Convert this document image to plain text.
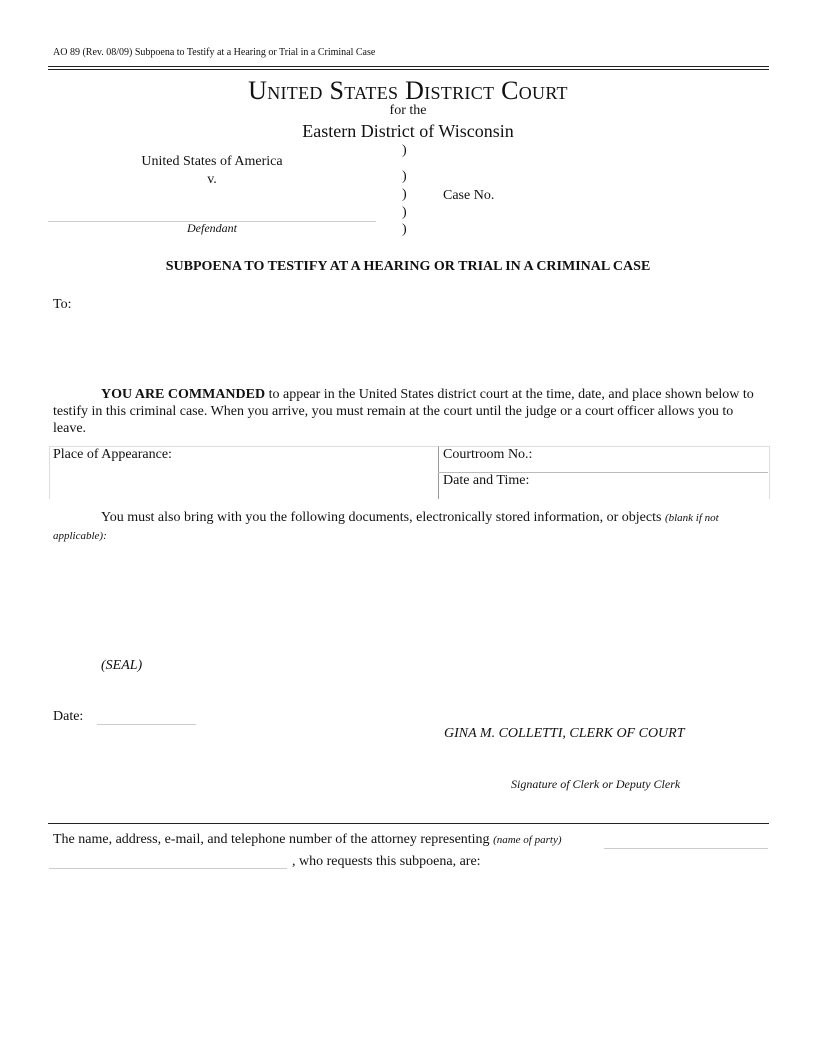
AO 89 (Rev. 08/09) Subpoena to Testify at a Hearing or Trial in a Criminal Case
United States District Court
for the
Eastern District of Wisconsin
United States of America
v.
Defendant
)
)
)
)
)
Case No.
SUBPOENA TO TESTIFY AT A HEARING OR TRIAL IN A CRIMINAL CASE
To:
YOU ARE COMMANDED to appear in the United States district court at the time, date, and place shown below to testify in this criminal case. When you arrive, you must remain at the court until the judge or a court officer allows you to leave.
Place of Appearance:	Courtroom No.:
Date and Time:
You must also bring with you the following documents, electronically stored information, or objects (blank if not applicable):
(SEAL)
Date:
GINA M. COLLETTI, CLERK OF COURT
Signature of Clerk or Deputy Clerk
The name, address, e-mail, and telephone number of the attorney representing (name of party)
, who requests this subpoena, are:
